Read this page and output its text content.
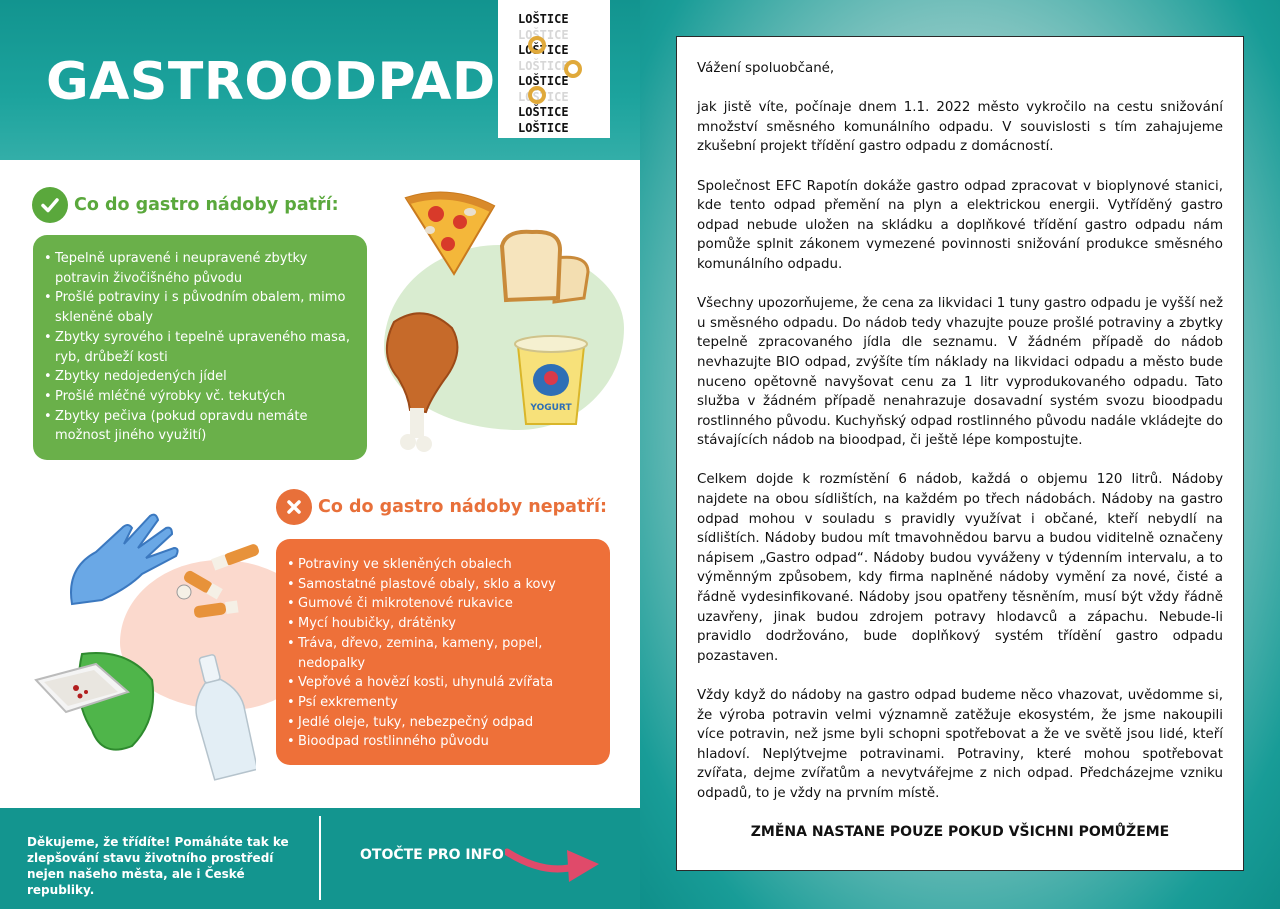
GASTROODPAD
LOŠTICE
LOŠTICE
LOŠTICE
LOŠTICE
LOŠTICE
LOŠTICE
LOŠTICE
LOŠTICE
Co do gastro nádoby patří:
• Tepelně upravené i neupravené zbytky potravin živočišného původu
• Prošlé potraviny i s původním obalem, mimo skleněné obaly
• Zbytky syrového i tepelně upraveného masa, ryb, drůbeží kosti
• Zbytky nedojedených jídel
• Prošlé mléčné výrobky vč. tekutých
• Zbytky pečiva (pokud opravdu nemáte možnost jiného využití)
YOGURT
Co do gastro nádoby nepatří:
• Potraviny ve skleněných obalech
• Samostatné plastové obaly, sklo a kovy
• Gumové či mikrotenové rukavice
• Mycí houbičky, drátěnky
• Tráva, dřevo, zemina, kameny, popel, nedopalky
• Vepřové a hovězí kosti, uhynulá zvířata
• Psí exkrementy
• Jedlé oleje, tuky, nebezpečný odpad
• Bioodpad rostlinného původu

Děkujeme, že třídíte! Pomáháte tak ke zlepšování stavu životního prostředí nejen našeho města, ale i České republiky.

OTOČTE PRO INFO

Vážení spoluobčané,

jak jistě víte, počínaje dnem 1.1. 2022 město vykročilo na cestu snižování množství směsného komunálního odpadu. V souvislosti s tím zahajujeme zkušební projekt třídění gastro odpadu z domácností.

Společnost EFC Rapotín dokáže gastro odpad zpracovat v bioplynové stanici, kde tento odpad přemění na plyn a elektrickou energii. Vytříděný gastro odpad nebude uložen na skládku a doplňkové třídění gastro odpadu nám pomůže splnit zákonem vymezené povinnosti snižování produkce směsného komunálního odpadu.

Všechny upozorňujeme, že cena za likvidaci 1 tuny gastro odpadu je vyšší než u směsného odpadu. Do nádob tedy vhazujte pouze prošlé potraviny a zbytky tepelně zpracovaného jídla dle seznamu. V žádném případě do nádob nevhazujte BIO odpad, zvýšíte tím náklady na likvidaci odpadu a město bude nuceno opětovně navyšovat cenu za 1 litr vyprodukovaného odpadu. Tato služba v žádném případě nenahrazuje dosavadní systém svozu bioodpadu rostlinného původu. Kuchyňský odpad rostlinného původu nadále vkládejte do stávajících nádob na bioodpad, či ještě lépe kompostujte.

Celkem dojde k rozmístění 6 nádob, každá o objemu 120 litrů. Nádoby najdete na obou sídlištích, na každém po třech nádobách. Nádoby na gastro odpad mohou v souladu s pravidly využívat i občané, kteří nebydlí na sídlištích. Nádoby budou mít tmavohnědou barvu a budou viditelně označeny nápisem „Gastro odpad“. Nádoby budou vyváženy v týdenním intervalu, a to výměnným způsobem, kdy firma naplněné nádoby vymění za nové, čisté a řádně vydesinfikované. Nádoby jsou opatřeny těsněním, musí být vždy řádně uzavřeny, jinak budou zdrojem potravy hlodavců a zápachu. Nebude-li pravidlo dodržováno, bude doplňkový systém třídění gastro odpadu pozastaven.

Vždy když do nádoby na gastro odpad budeme něco vhazovat, uvědomme si, že výroba potravin velmi významně zatěžuje ekosystém, že jsme nakoupili více potravin, než jsme byli schopni spotřebovat a že ve světě jsou lidé, kteří hladoví. Neplýtvejme potravinami. Potraviny, které mohou spotřebovat zvířata, dejme zvířatům a nevytvářejme z nich odpad. Předcházejme vzniku odpadů, to je vždy na prvním místě.

ZMĚNA NASTANE POUZE POKUD VŠICHNI POMŮŽEME
